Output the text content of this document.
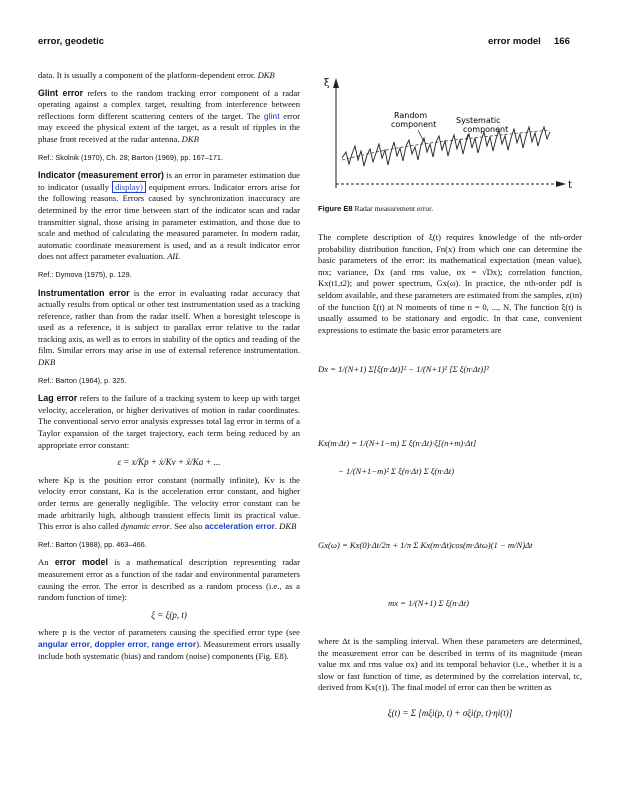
error, geodetic	error model 166

data. It is usually a component of the platform-dependent error. DKB

Glint error refers to the random tracking error component of a radar operating against a complex target, resulting from interference between reflections form different scattering centers of the target. The glint error may exceed the physical extent of the target, as a result of ripples in the phase front received at the radar antenna. DKB

Ref.: Skolnik (1970), Ch. 28; Barton (1969), pp. 167–171.

Indicator (measurement error) is an error in parameter estimation due to indicator (usually display) equipment errors. Indicator errors arise for the following reasons. Errors caused by synchronization inaccuracy are determined by the error time between start of the indicator scan and radar transmitter signal, those arising in parameter estimation, and those due to scale and method of calculating the measured parameter. In modern radar, automatic coordinate measurement is used, and as a result indicator error does not affect parameter evaluation. AIL

Ref.: Dymova (1975), p. 129.

Instrumentation error is the error in evaluating radar accuracy that actually results from optical or other test instrumentation used as a tracking reference, rather than from the radar itself. When a boresight telescope is used as a reference, it is subject to parallax error relative to the radar tracking axis, as well as to errors in stability of the optics and reading of the film. Similar errors may arise in use of external reference instrumentation. DKB

Ref.: Barton (1964), p. 325.

Lag error refers to the failure of a tracking system to keep up with target velocity, acceleration, or higher derivatives of motion in radar coordinates. The conventional servo error analysis expresses total lag error in terms of a Taylor expansion of the target trajectory, each term being reduced by an appropriate error constant:

ε = x/Kp + ẋ/Kv + ẍ/Ka + ...

where Kp is the position error constant (normally infinite), Kv is the velocity error constant, Ka is the acceleration error constant, and higher order terms are generally negligible. The velocity error constant can be made arbitrarily high, although transient effects limit its practical value. This error is also called dynamic error. See also acceleration error. DKB

Ref.: Barton (1988), pp. 463–466.

An error model is a mathematical description representing radar measurement error as a function of the radar and environmental parameters causing the error. The error is described as a random process (i.e., as a random function of time):

ξ = ξ(p, t)

where p is the vector of parameters causing the specified error type (see angular error, doppler error, range error). Measurement errors usually include both systematic (bias) and random (noise) components (Fig. E8).

ξ
t
Random component Systematic component
Figure E8 Radar measurement error.

The complete description of ξ(t) requires knowledge of the nth-order probability distribution function, Fn(x) from which one can determine the basic parameters of the error: its mathematical expectation (mean value), mx; variance, Dx (and rms value, σx = √Dx); correlation function, Kx(t1,t2); and power spectrum, Gx(ω). In practice, the nth-order pdf is seldom available, and these parameters are estimated from the samples, z(tn) of the function ξ(t) at N moments of time n = 0, ..., N. The function ξ(t) is usually assumed to be stationary and ergodic. In that case, convenient expressions to estimate the basic error parameters are

Dx = 1/(N+1) Σ[ξ(n·Δt)]² − 1/(N+1)² [Σ ξ(n·Δt)]²
Kx(m·Δt) = 1/(N+1−m) Σ ξ(n·Δt)·ξ[(n+m)·Δt]
− 1/(N+1−m)² Σ ξ(n·Δt) Σ ξ(n·Δt)
Gx(ω) = Kx(0)·Δt/2π + 1/π Σ Kx(m·Δt)cos(m·Δtω)(1 − m/N)Δt
mx = 1/(N+1) Σ ξ(n·Δt)

where Δt is the sampling interval. When these parameters are determined, the measurement error can be described in terms of its magnitude (mean value mx and rms value σx) and its temporal behavior (i.e., whether it is a slow or fast function of time, as determined by the correlation interval, tc, derived from Kx(τ)). The final model of error can then be written as

ξ(t) = Σ [mξi(p, t) + σξi(p, t)·ηi(t)]
